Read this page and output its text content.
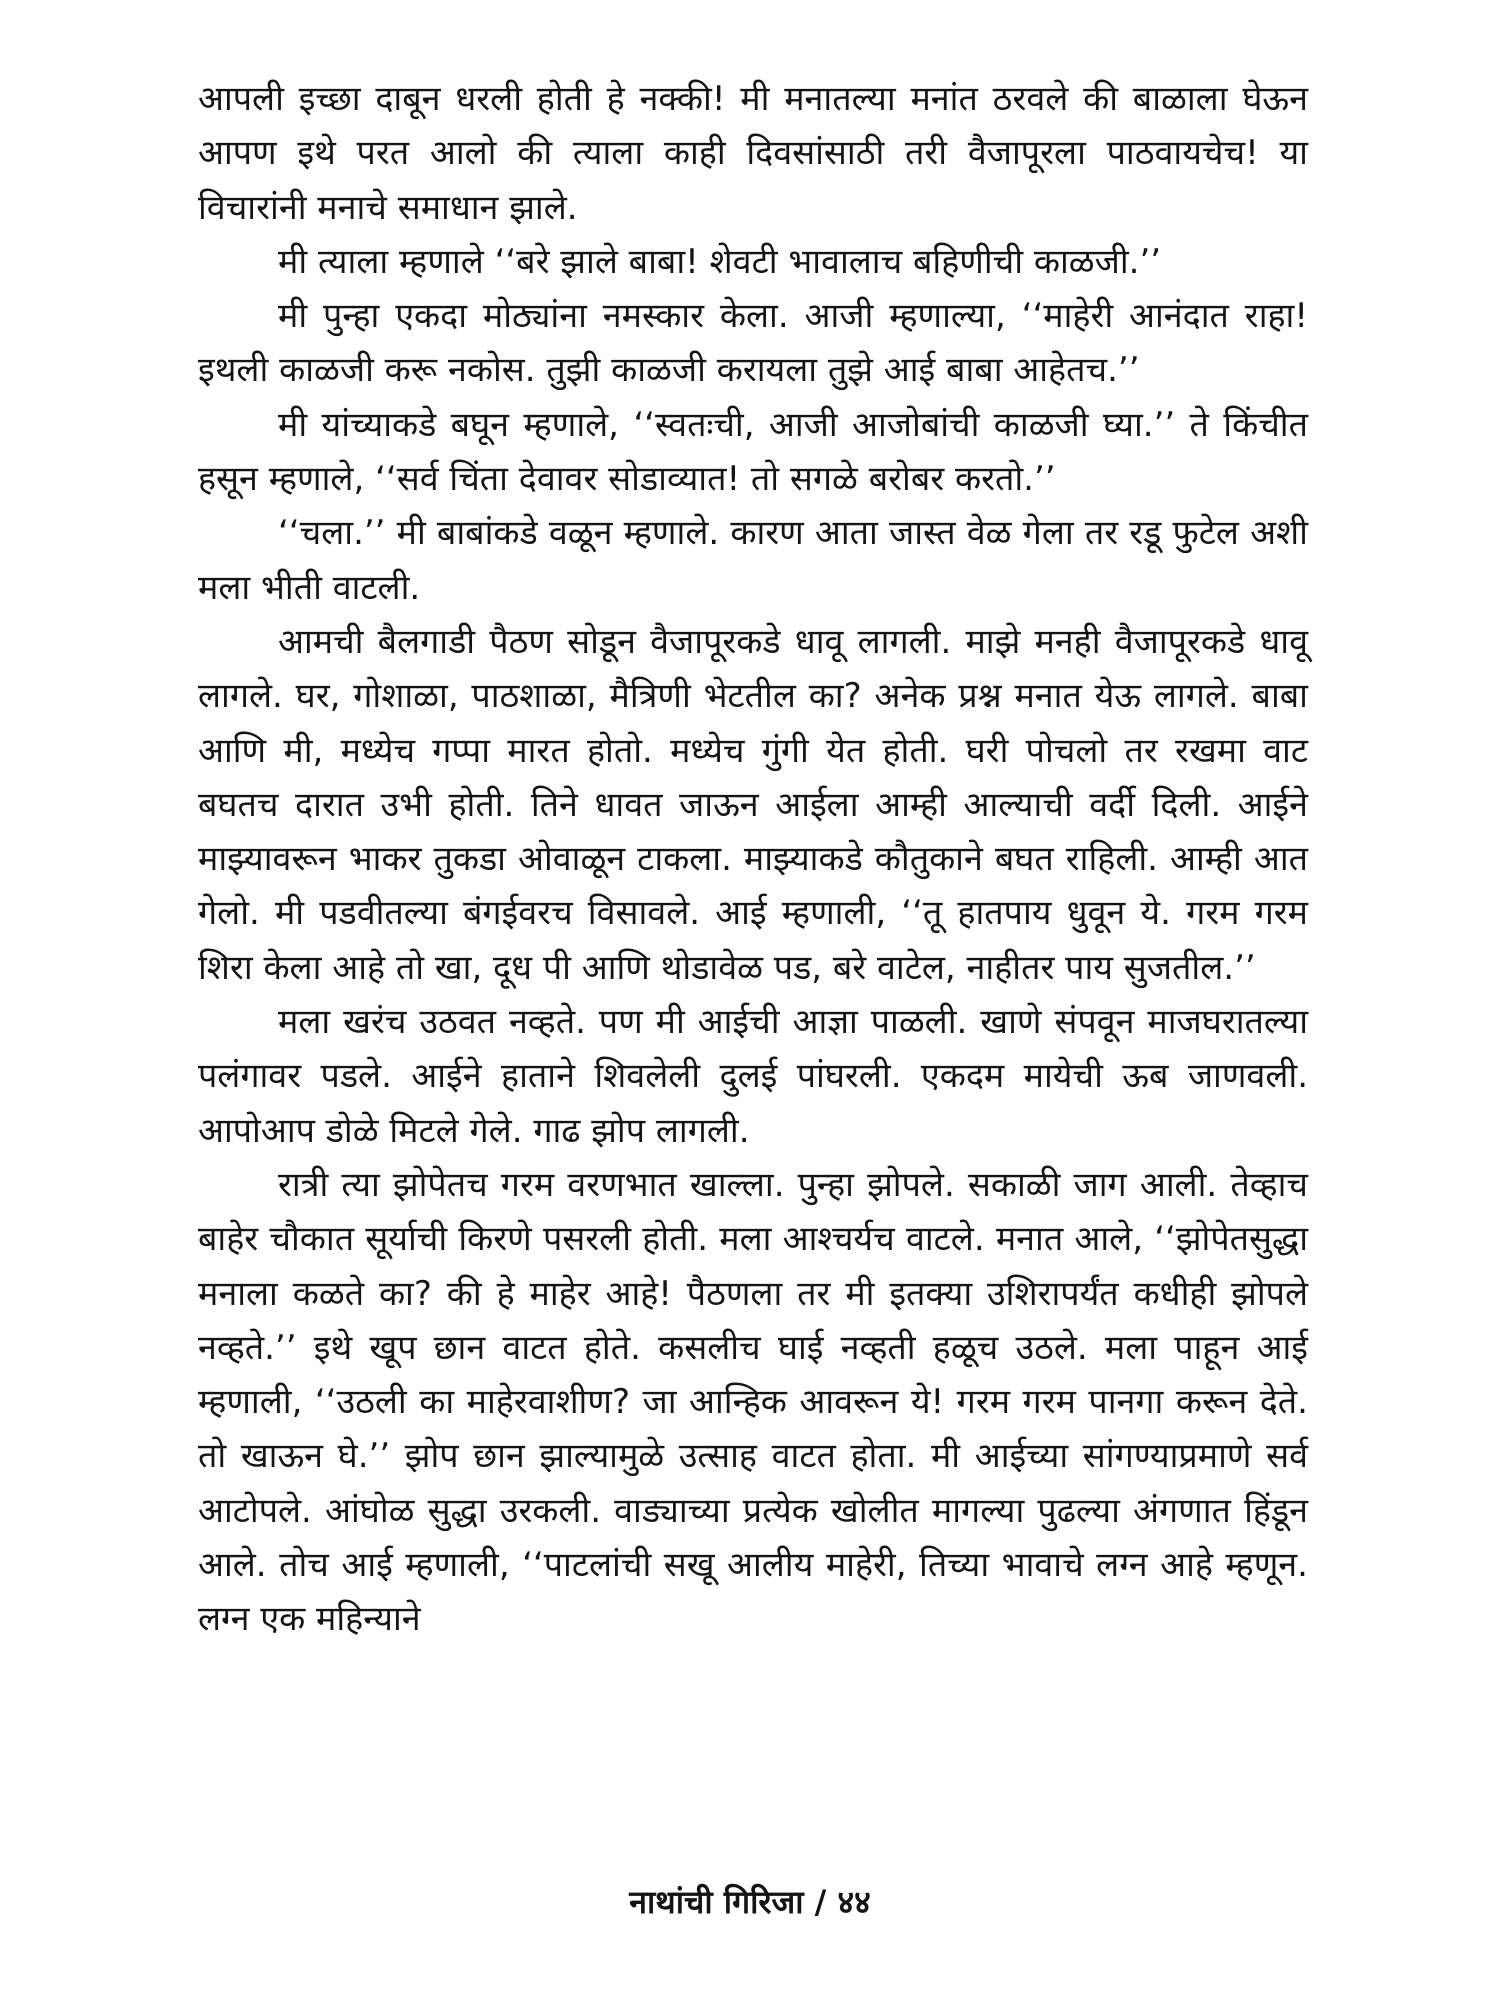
आपली इच्छा दाबून धरली होती हे नक्की! मी मनातल्या मनांत ठरवले की बाळाला घेऊन आपण इथे परत आलो की त्याला काही दिवसांसाठी तरी वैजापूरला पाठवायचेच! या विचारांनी मनाचे समाधान झाले.

मी त्याला म्हणाले ‘‘बरे झाले बाबा! शेवटी भावालाच बहिणीची काळजी.’’

मी पुन्हा एकदा मोठ्यांना नमस्कार केला. आजी म्हणाल्या, ‘‘माहेरी आनंदात राहा! इथली काळजी करू नकोस. तुझी काळजी करायला तुझे आई बाबा आहेतच.’’

मी यांच्याकडे बघून म्हणाले, ‘‘स्वतःची, आजी आजोबांची काळजी घ्या.’’ ते किंचीत हसून म्हणाले, ‘‘सर्व चिंता देवावर सोडाव्यात! तो सगळे बरोबर करतो.’’

‘‘चला.’’ मी बाबांकडे वळून म्हणाले. कारण आता जास्त वेळ गेला तर रडू फुटेल अशी मला भीती वाटली.

आमची बैलगाडी पैठण सोडून वैजापूरकडे धावू लागली. माझे मनही वैजापूरकडे धावू लागले. घर, गोशाळा, पाठशाळा, मैत्रिणी भेटतील का? अनेक प्रश्न मनात येऊ लागले. बाबा आणि मी, मध्येच गप्पा मारत होतो. मध्येच गुंगी येत होती. घरी पोचलो तर रखमा वाट बघतच दारात उभी होती. तिने धावत जाऊन आईला आम्ही आल्याची वर्दी दिली. आईने माझ्यावरून भाकर तुकडा ओवाळून टाकला. माझ्याकडे कौतुकाने बघत राहिली. आम्ही आत गेलो. मी पडवीतल्या बंगईवरच विसावले. आई म्हणाली, ‘‘तू हातपाय धुवून ये. गरम गरम शिरा केला आहे तो खा, दूध पी आणि थोडावेळ पड, बरे वाटेल, नाहीतर पाय सुजतील.’’

मला खरंच उठवत नव्हते. पण मी आईची आज्ञा पाळली. खाणे संपवून माजघरातल्या पलंगावर पडले. आईने हाताने शिवलेली दुलई पांघरली. एकदम मायेची ऊब जाणवली. आपोआप डोळे मिटले गेले. गाढ झोप लागली.

रात्री त्या झोपेतच गरम वरणभात खाल्ला. पुन्हा झोपले. सकाळी जाग आली. तेव्हाच बाहेर चौकात सूर्याची किरणे पसरली होती. मला आश्चर्यच वाटले. मनात आले, ‘‘झोपेतसुद्धा मनाला कळते का? की हे माहेर आहे! पैठणला तर मी इतक्या उशिरापर्यंत कधीही झोपले नव्हते.’’ इथे खूप छान वाटत होते. कसलीच घाई नव्हती हळूच उठले. मला पाहून आई म्हणाली, ‘‘उठली का माहेरवाशीण? जा आन्हिक आवरून ये! गरम गरम पानगा करून देते. तो खाऊन घे.’’ झोप छान झाल्यामुळे उत्साह वाटत होता. मी आईच्या सांगण्याप्रमाणे सर्व आटोपले. आंघोळ सुद्धा उरकली. वाड्याच्या प्रत्येक खोलीत मागल्या पुढल्या अंगणात हिंडून आले. तोच आई म्हणाली, ‘‘पाटलांची सखू आलीय माहेरी, तिच्या भावाचे लग्न आहे म्हणून. लग्न एक महिन्याने

नाथांची गिरिजा / ४४
